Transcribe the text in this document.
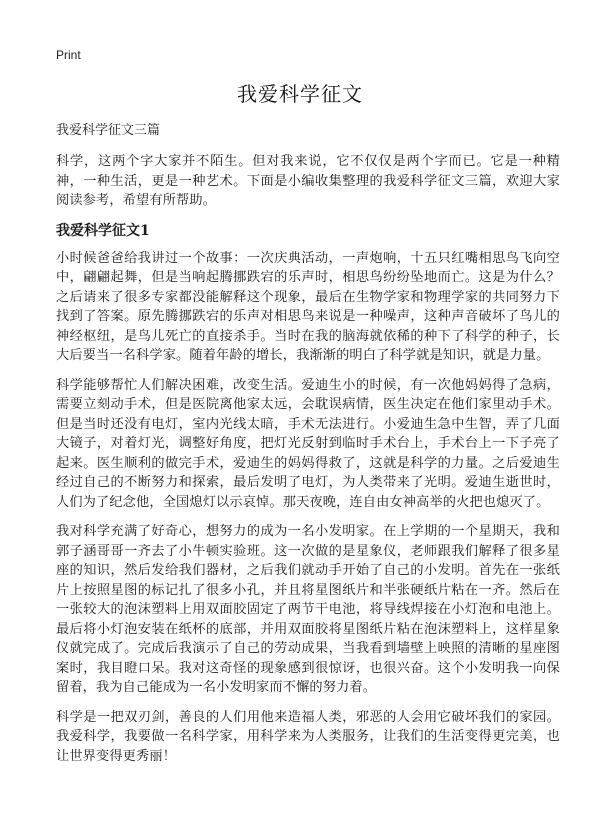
Print
我爱科学征文
我爱科学征文三篇

科学，这两个字大家并不陌生。但对我来说，它不仅仅是两个字而已。它是一种精神，一种生活，更是一种艺术。下面是小编收集整理的我爱科学征文三篇，欢迎大家阅读参考，希望有所帮助。

我爱科学征文1

小时候爸爸给我讲过一个故事：一次庆典活动，一声炮响，十五只红嘴相思鸟飞向空中，翩翩起舞，但是当响起腾挪跌宕的乐声时，相思鸟纷纷坠地而亡。这是为什么？之后请来了很多专家都没能解释这个现象，最后在生物学家和物理学家的共同努力下找到了答案。原先腾挪跌宕的乐声对相思鸟来说是一种噪声，这种声音破坏了鸟儿的神经枢纽，是鸟儿死亡的直接杀手。当时在我的脑海就依稀的种下了科学的种子，长大后要当一名科学家。随着年龄的增长，我渐渐的明白了科学就是知识，就是力量。

科学能够帮忙人们解决困难，改变生活。爱迪生小的时候，有一次他妈妈得了急病，需要立刻动手术，但是医院离他家太远，会耽误病情，医生决定在他们家里动手术。但是当时还没有电灯，室内光线太暗，手术无法进行。小爱迪生急中生智，弄了几面大镜子，对着灯光，调整好角度，把灯光反射到临时手术台上，手术台上一下子亮了起来。医生顺利的做完手术，爱迪生的妈妈得救了，这就是科学的力量。之后爱迪生经过自己的不断努力和探索，最后发明了电灯，为人类带来了光明。爱迪生逝世时，人们为了纪念他，全国熄灯以示哀悼。那天夜晚，连自由女神高举的火把也熄灭了。

我对科学充满了好奇心，想努力的成为一名小发明家。在上学期的一个星期天，我和郭子涵哥哥一齐去了小牛顿实验班。这一次做的是星象仪，老师跟我们解释了很多星座的知识，然后发给我们器材，之后我们就动手开始了自己的小发明。首先在一张纸片上按照星图的标记扎了很多小孔，并且将星图纸片和半张硬纸片粘在一齐。然后在一张较大的泡沫塑料上用双面胶固定了两节干电池，将导线焊接在小灯泡和电池上。最后将小灯泡安装在纸杯的底部，并用双面胶将星图纸片粘在泡沫塑料上，这样星象仪就完成了。完成后我演示了自己的劳动成果，当我看到墙壁上映照的清晰的星座图案时，我目瞪口呆。我对这奇怪的现象感到很惊讶，也很兴奋。这个小发明我一向保留着，我为自己能成为一名小发明家而不懈的努力着。

科学是一把双刃剑，善良的人们用他来造福人类，邪恶的人会用它破坏我们的家园。我爱科学，我要做一名科学家，用科学来为人类服务，让我们的生活变得更完美，也让世界变得更秀丽！
